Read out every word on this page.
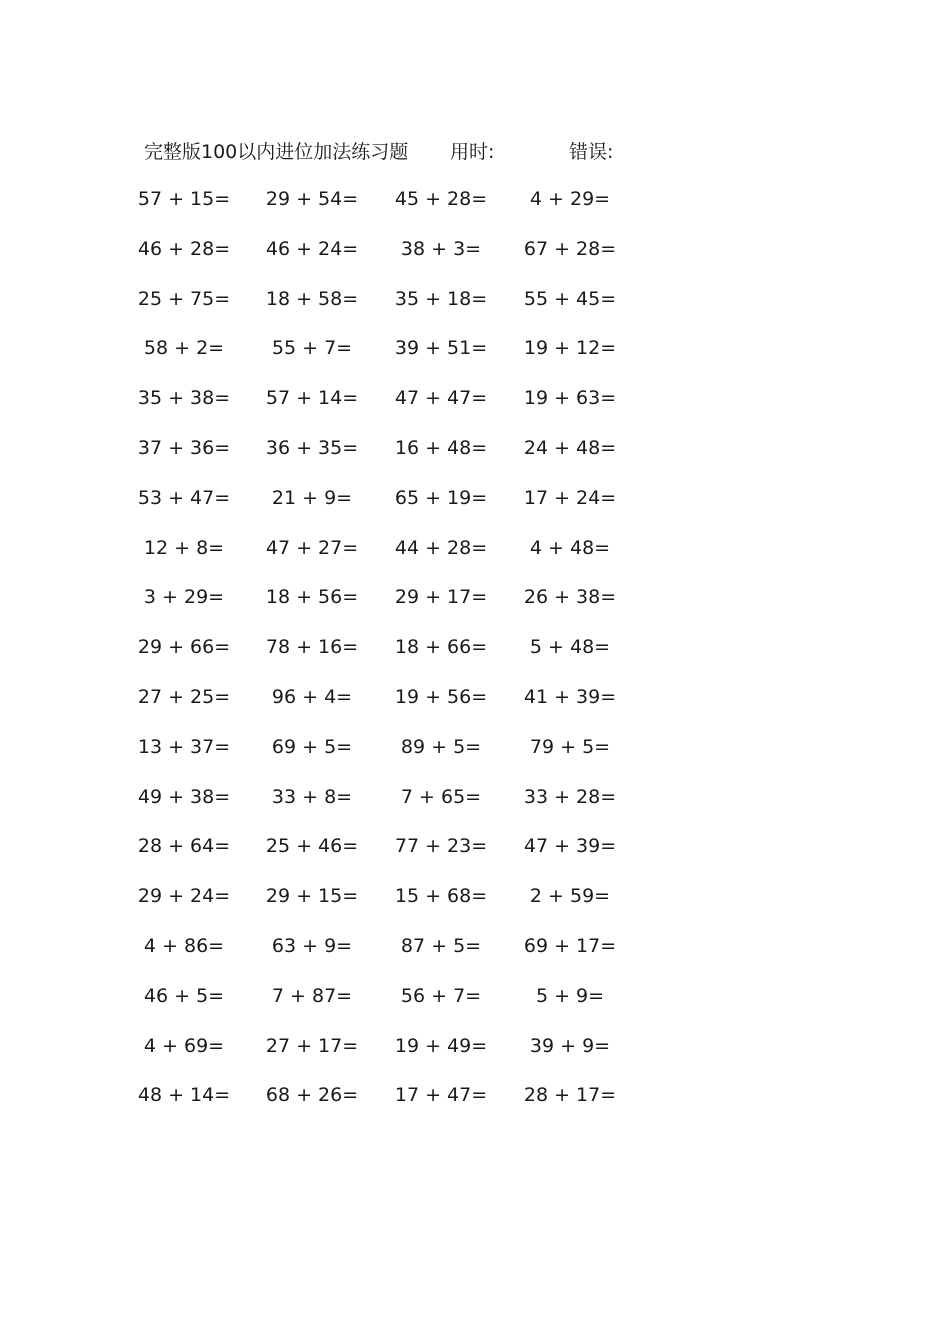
完整版100以内进位加法练习题 用时:	错误:
57 + 15=	29 + 54=	45 + 28=	4 + 29=
46 + 28=	46 + 24=	38 + 3=	67 + 28=
25 + 75=	18 + 58=	35 + 18=	55 + 45=
58 + 2=	55 + 7=	39 + 51=	19 + 12=
35 + 38=	57 + 14=	47 + 47=	19 + 63=
37 + 36=	36 + 35=	16 + 48=	24 + 48=
53 + 47=	21 + 9=	65 + 19=	17 + 24=
12 + 8=	47 + 27=	44 + 28=	4 + 48=
3 + 29=	18 + 56=	29 + 17=	26 + 38=
29 + 66=	78 + 16=	18 + 66=	5 + 48=
27 + 25=	96 + 4=	19 + 56=	41 + 39=
13 + 37=	69 + 5=	89 + 5=	79 + 5=
49 + 38=	33 + 8=	7 + 65=	33 + 28=
28 + 64=	25 + 46=	77 + 23=	47 + 39=
29 + 24=	29 + 15=	15 + 68=	2 + 59=
4 + 86=	63 + 9=	87 + 5=	69 + 17=
46 + 5=	7 + 87=	56 + 7=	5 + 9=
4 + 69=	27 + 17=	19 + 49=	39 + 9=
48 + 14=	68 + 26=	17 + 47=	28 + 17=
